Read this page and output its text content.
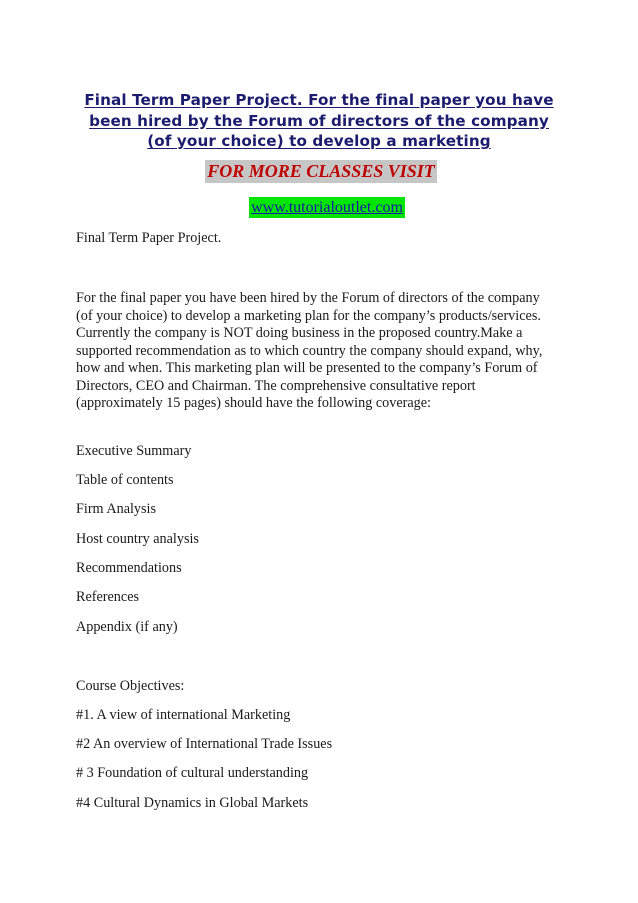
Final Term Paper Project. For the final paper you have been hired by the Forum of directors of the company (of your choice) to develop a marketing
FOR MORE CLASSES VISIT
www.tutorialoutlet.com

Final Term Paper Project.

For the final paper you have been hired by the Forum of directors of the company (of your choice) to develop a marketing plan for the company’s products/services. Currently the company is NOT doing business in the proposed country.Make a supported recommendation as to which country the company should expand, why, how and when. This marketing plan will be presented to the company’s Forum of Directors, CEO and Chairman. The comprehensive consultative report (approximately 15 pages) should have the following coverage:

Executive Summary

Table of contents

Firm Analysis

Host country analysis

Recommendations

References

Appendix (if any)

Course Objectives:

#1. A view of international Marketing

#2 An overview of International Trade Issues

# 3 Foundation of cultural understanding

#4 Cultural Dynamics in Global Markets
